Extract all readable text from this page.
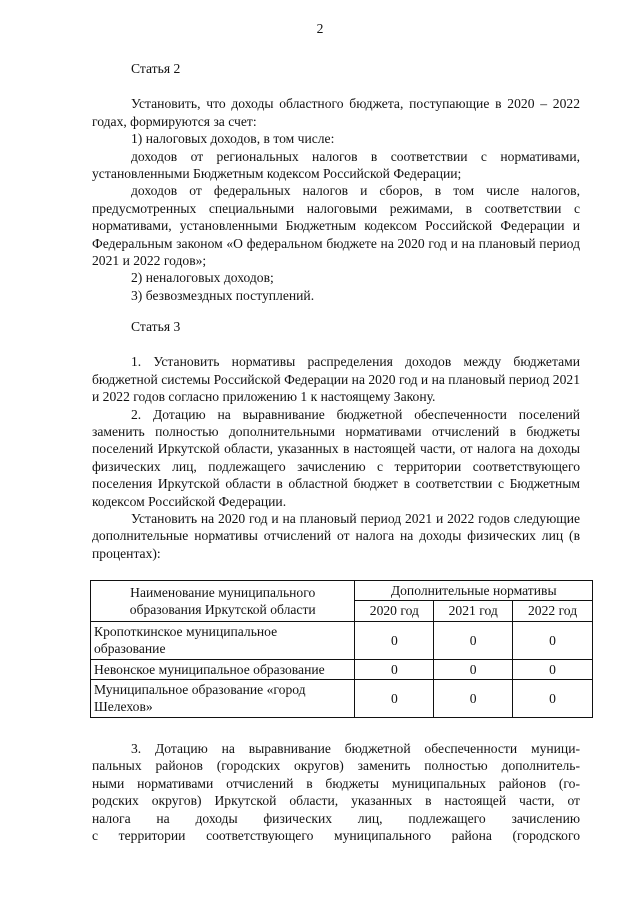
2

Статья 2

Установить, что доходы областного бюджета, поступающие в 2020 – 2022 годах, формируются за счет:

1) налоговых доходов, в том числе:

доходов от региональных налогов в соответствии с нормативами, установленными Бюджетным кодексом Российской Федерации;

доходов от федеральных налогов и сборов, в том числе налогов, предусмотренных специальными налоговыми режимами, в соответствии с нормативами, установленными Бюджетным кодексом Российской Федерации и Федеральным законом «О федеральном бюджете на 2020 год и на плановый период 2021 и 2022 годов»;

2) неналоговых доходов;

3) безвозмездных поступлений.

Статья 3

1. Установить нормативы распределения доходов между бюджетами бюджетной системы Российской Федерации на 2020 год и на плановый период 2021 и 2022 годов согласно приложению 1 к настоящему Закону.

2. Дотацию на выравнивание бюджетной обеспеченности поселений заменить полностью дополнительными нормативами отчислений в бюджеты поселений Иркутской области, указанных в настоящей части, от налога на доходы физических лиц, подлежащего зачислению с территории соответствующего поселения Иркутской области в областной бюджет в соответствии с Бюджетным кодексом Российской Федерации.

Установить на 2020 год и на плановый период 2021 и 2022 годов следующие дополнительные нормативы отчислений от налога на доходы физических лиц (в процентах):

Наименование муниципального образования Иркутской области	Дополнительные нормативы		
	2020 год	2021 год	2022 год
Кропоткинское муниципальное образование	0	0	0
Невонское муниципальное образование	0	0	0
Муниципальное образование «город Шелехов»	0	0	0

3. Дотацию на выравнивание бюджетной обеспеченности муници-

пальных районов (городских округов) заменить полностью дополнитель-

ными нормативами отчислений в бюджеты муниципальных районов (го-

родских округов) Иркутской области, указанных в настоящей части, от

налога на доходы физических лиц, подлежащего зачислению

с территории соответствующего муниципального района (городского
